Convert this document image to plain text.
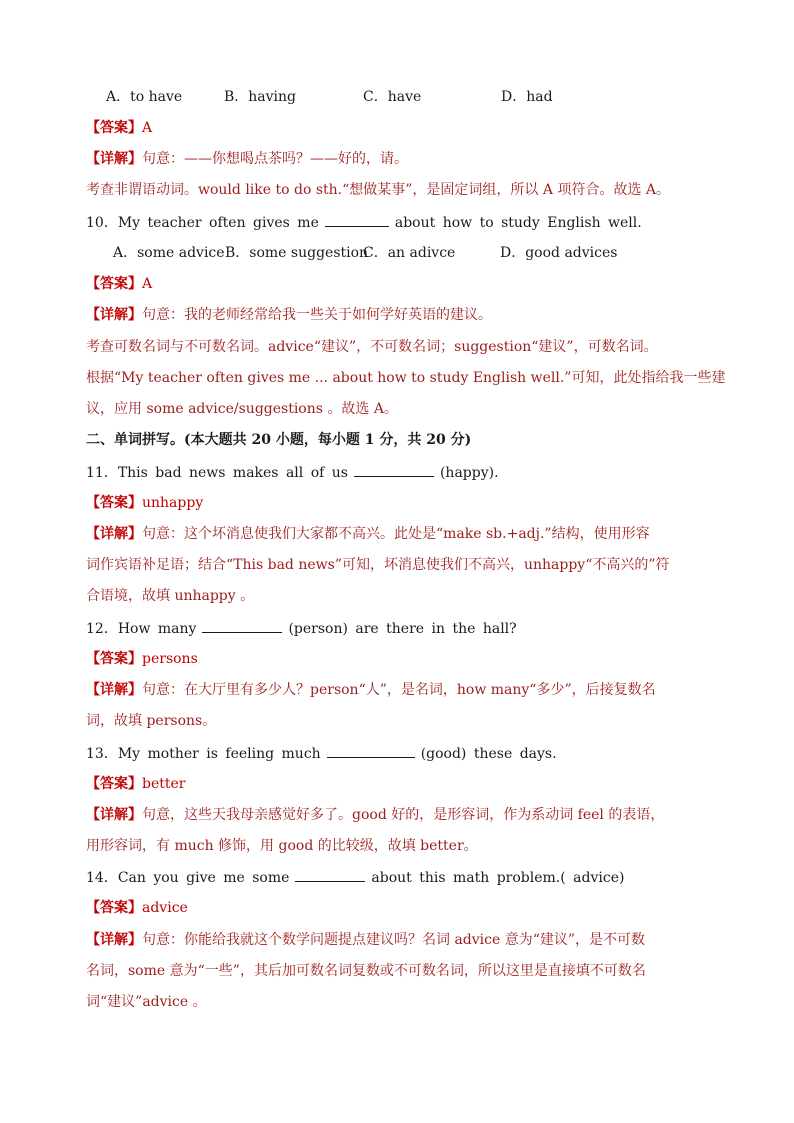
A．to have	B．having	C．have	D．had
【答案】A
【详解】句意：——你想喝点茶吗？——好的，请。
考查非谓语动词。would like to do sth.“想做某事”，是固定词组，所以 A 项符合。故选 A。
10．My teacher often gives me	about how to study English well.
A．some advice B．some suggestion
C．an adivce	D．good advices
【答案】A
【详解】句意：我的老师经常给我一些关于如何学好英语的建议。
考查可数名词与不可数名词。advice“建议”，不可数名词；suggestion“建议”，可数名词。
根据“My teacher often gives me ... about how to study English well.”可知，此处指给我一些建
议，应用 some advice/suggestions 。故选 A。
二、单词拼写。(本大题共 20 小题，每小题 1 分，共 20 分)
11．This bad news makes all of us	(happy).
【答案】unhappy
【详解】句意：这个坏消息使我们大家都不高兴。此处是“make sb.+adj.”结构，使用形容
词作宾语补足语；结合“This bad news”可知，坏消息使我们不高兴，unhappy“不高兴的”符
合语境，故填 unhappy 。
12．How many	(person) are there in the hall?
【答案】persons
【详解】句意：在大厅里有多少人？person“人”，是名词，how many“多少”，后接复数名
词，故填 persons。
13．My mother is feeling much	(good) these days.
【答案】better
【详解】句意，这些天我母亲感觉好多了。good 好的，是形容词，作为系动词 feel 的表语，
用形容词，有 much 修饰，用 good 的比较级，故填 better。
14．Can you give me some	about this math problem.( advice)
【答案】advice
【详解】句意：你能给我就这个数学问题提点建议吗？名词 advice 意为“建议”，是不可数
名词，some 意为“一些”，其后加可数名词复数或不可数名词，所以这里是直接填不可数名
词“建议”advice 。
